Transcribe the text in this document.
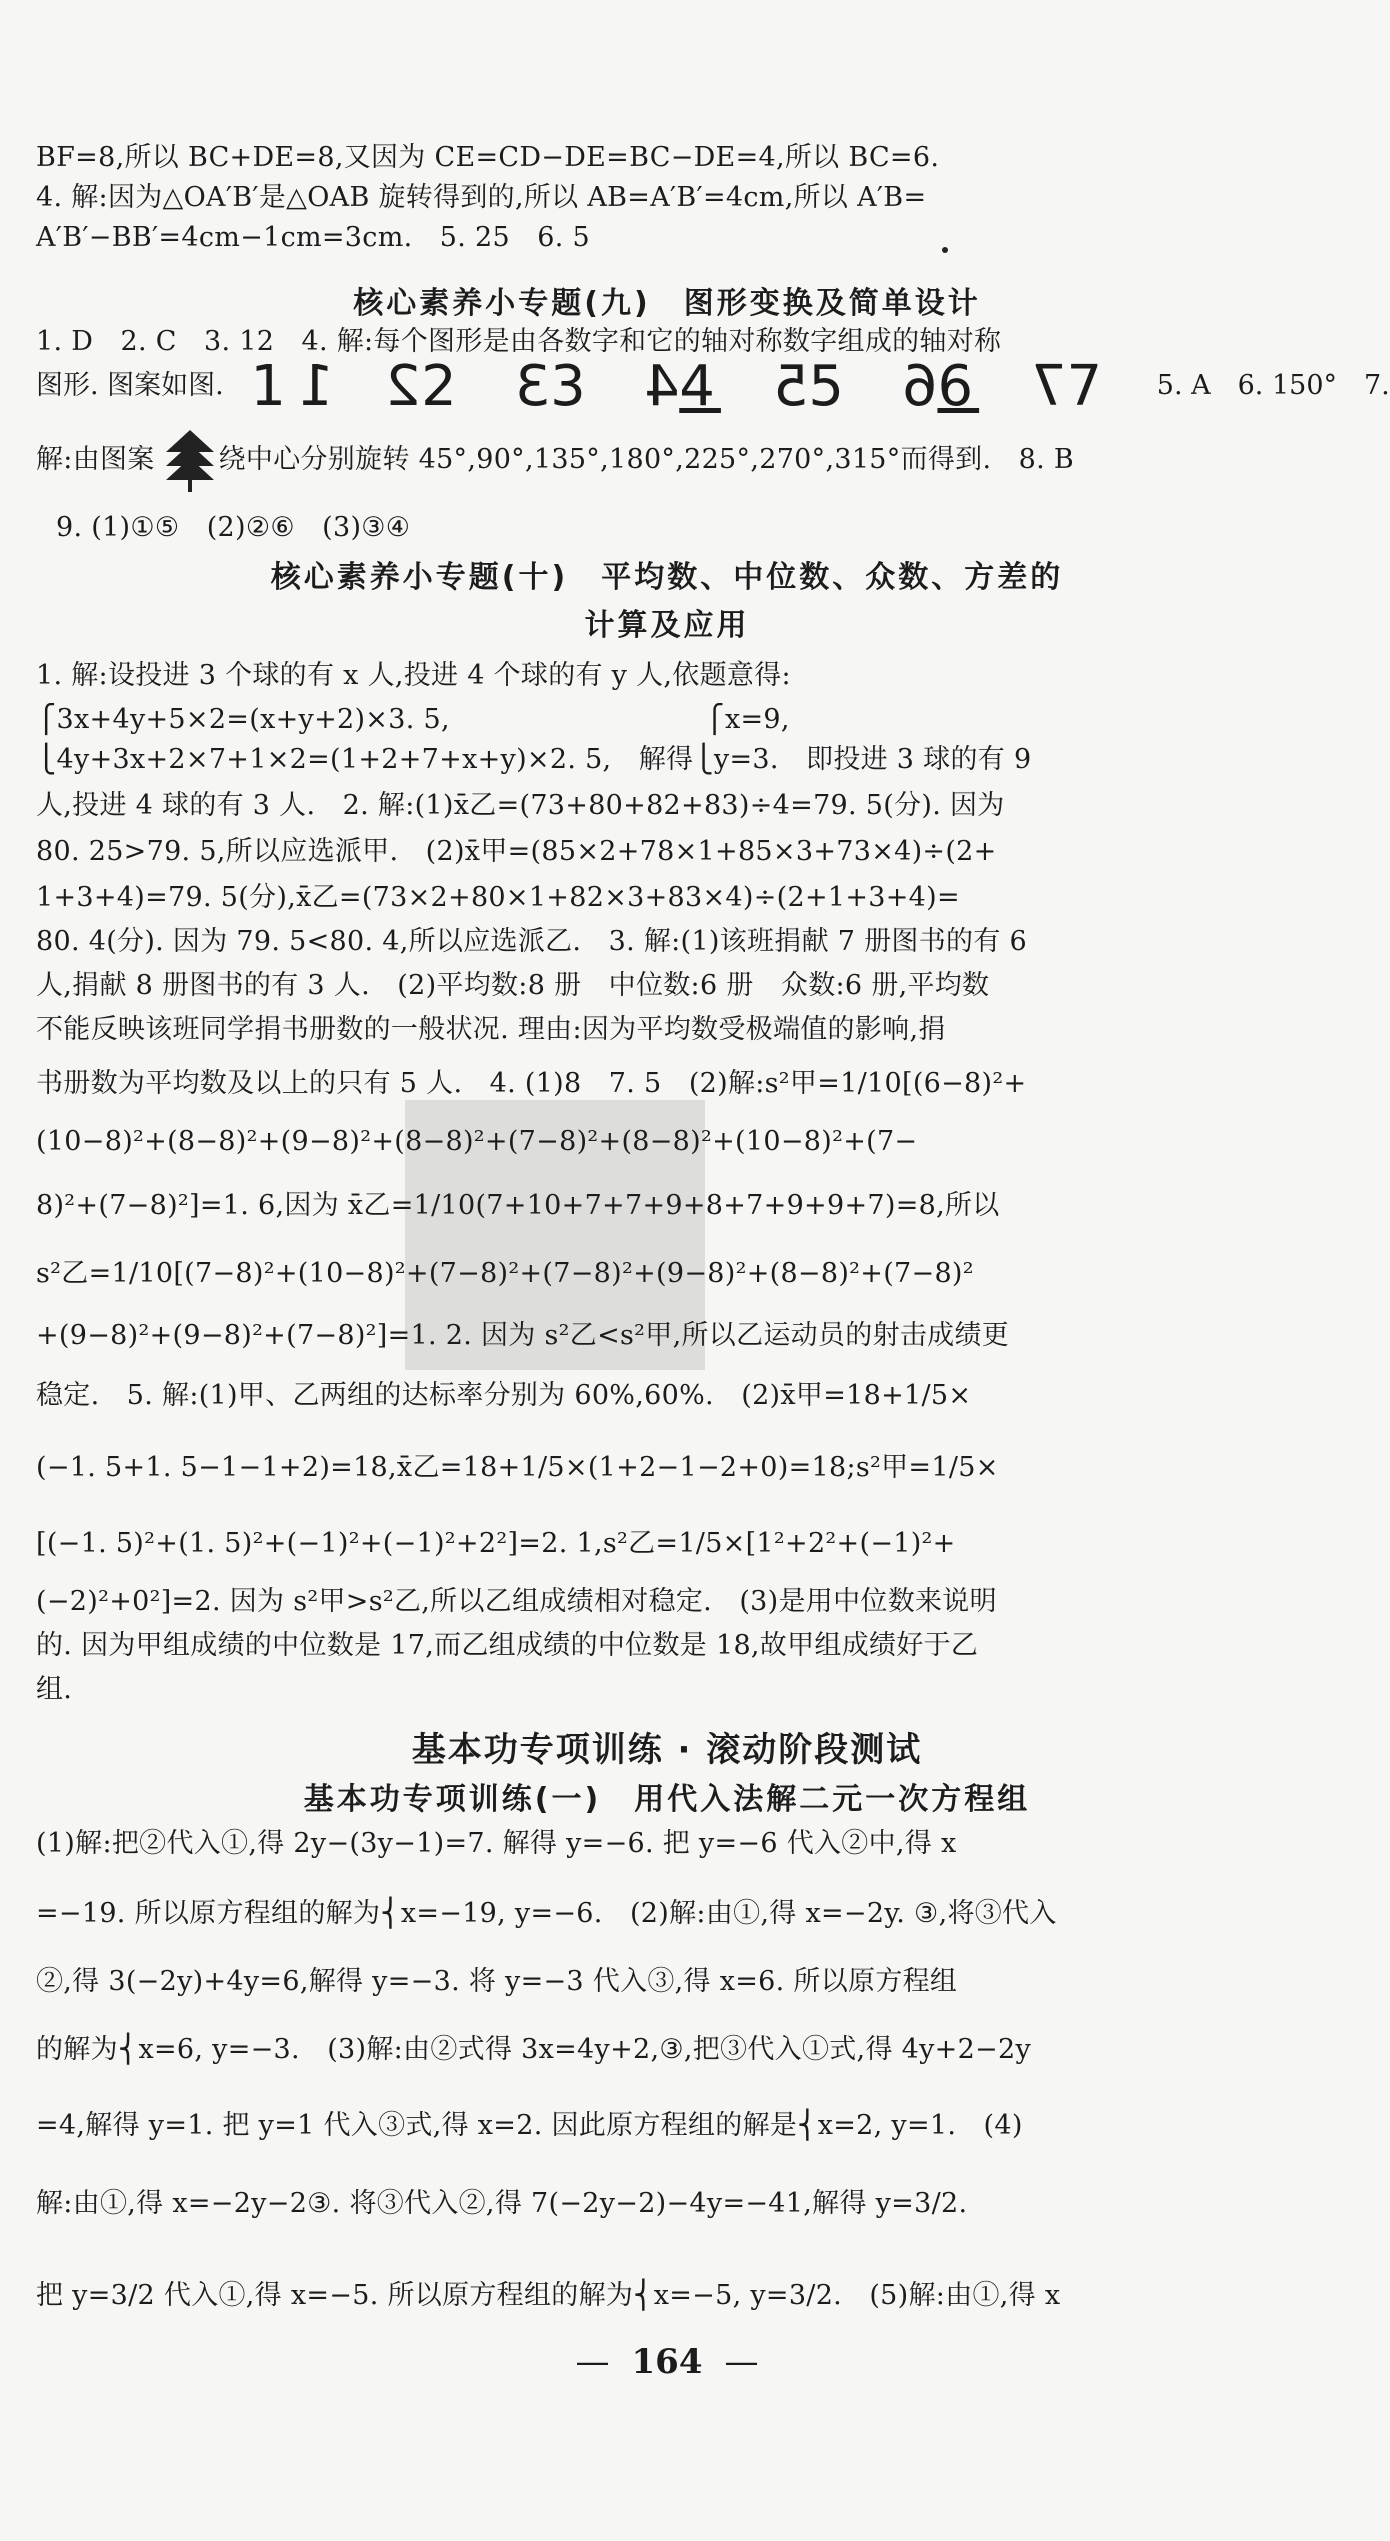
BF=8,所以 BC+DE=8,又因为 CE=CD−DE=BC−DE=4,所以 BC=6.
4. 解:因为△OA′B′是△OAB 旋转得到的,所以 AB=A′B′=4cm,所以 A′B=
A′B′−BB′=4cm−1cm=3cm.　5. 25　6. 5
核心素养小专题(九)　图形变换及简单设计
1. D　2. C　3. 12　4. 解:每个图形是由各数字和它的轴对称数字组成的轴对称
图形. 图案如图. 11 22 33 44 55 66 77 5. A　6. 150°　7.
解:由图案 绕中心分别旋转 45°,90°,135°,180°,225°,270°,315°而得到.　8. B
9. (1)①⑤　(2)②⑥　(3)③④
核心素养小专题(十)　平均数、中位数、众数、方差的
计算及应用
1. 解:设投进 3 个球的有 x 人,投进 4 个球的有 y 人,依题意得:
⎧3x+4y+5×2=(x+y+2)×3. 5,　　　　　　　　　 ⎧x=9,
⎩4y+3x+2×7+1×2=(1+2+7+x+y)×2. 5,　解得⎩y=3.　即投进 3 球的有 9
人,投进 4 球的有 3 人.　2. 解:(1)x̄乙=(73+80+82+83)÷4=79. 5(分). 因为
80. 25>79. 5,所以应选派甲.　(2)x̄甲=(85×2+78×1+85×3+73×4)÷(2+
1+3+4)=79. 5(分),x̄乙=(73×2+80×1+82×3+83×4)÷(2+1+3+4)=
80. 4(分). 因为 79. 5<80. 4,所以应选派乙.　3. 解:(1)该班捐献 7 册图书的有 6
人,捐献 8 册图书的有 3 人.　(2)平均数:8 册　中位数:6 册　众数:6 册,平均数
不能反映该班同学捐书册数的一般状况. 理由:因为平均数受极端值的影响,捐
书册数为平均数及以上的只有 5 人.　4. (1)8　7. 5　(2)解:s²甲=1/10[(6−8)²+
(10−8)²+(8−8)²+(9−8)²+(8−8)²+(7−8)²+(8−8)²+(10−8)²+(7−
8)²+(7−8)²]=1. 6,因为 x̄乙=1/10(7+10+7+7+9+8+7+9+9+7)=8,所以
s²乙=1/10[(7−8)²+(10−8)²+(7−8)²+(7−8)²+(9−8)²+(8−8)²+(7−8)²
+(9−8)²+(9−8)²+(7−8)²]=1. 2. 因为 s²乙<s²甲,所以乙运动员的射击成绩更
稳定.　5. 解:(1)甲、乙两组的达标率分别为 60%,60%.　(2)x̄甲=18+1/5×
(−1. 5+1. 5−1−1+2)=18,x̄乙=18+1/5×(1+2−1−2+0)=18;s²甲=1/5×
[(−1. 5)²+(1. 5)²+(−1)²+(−1)²+2²]=2. 1,s²乙=1/5×[1²+2²+(−1)²+
(−2)²+0²]=2. 因为 s²甲>s²乙,所以乙组成绩相对稳定.　(3)是用中位数来说明
的. 因为甲组成绩的中位数是 17,而乙组成绩的中位数是 18,故甲组成绩好于乙
组.
基本功专项训练 · 滚动阶段测试
基本功专项训练(一)　用代入法解二元一次方程组
(1)解:把②代入①,得 2y−(3y−1)=7. 解得 y=−6. 把 y=−6 代入②中,得 x
=−19. 所以原方程组的解为⎨x=−19, y=−6.　(2)解:由①,得 x=−2y. ③,将③代入
②,得 3(−2y)+4y=6,解得 y=−3. 将 y=−3 代入③,得 x=6. 所以原方程组
的解为⎨x=6, y=−3.　(3)解:由②式得 3x=4y+2,③,把③代入①式,得 4y+2−2y
=4,解得 y=1. 把 y=1 代入③式,得 x=2. 因此原方程组的解是⎨x=2, y=1.　(4)
解:由①,得 x=−2y−2③. 将③代入②,得 7(−2y−2)−4y=−41,解得 y=3/2.
把 y=3/2 代入①,得 x=−5. 所以原方程组的解为⎨x=−5, y=3/2.　(5)解:由①,得 x
— 164 —
